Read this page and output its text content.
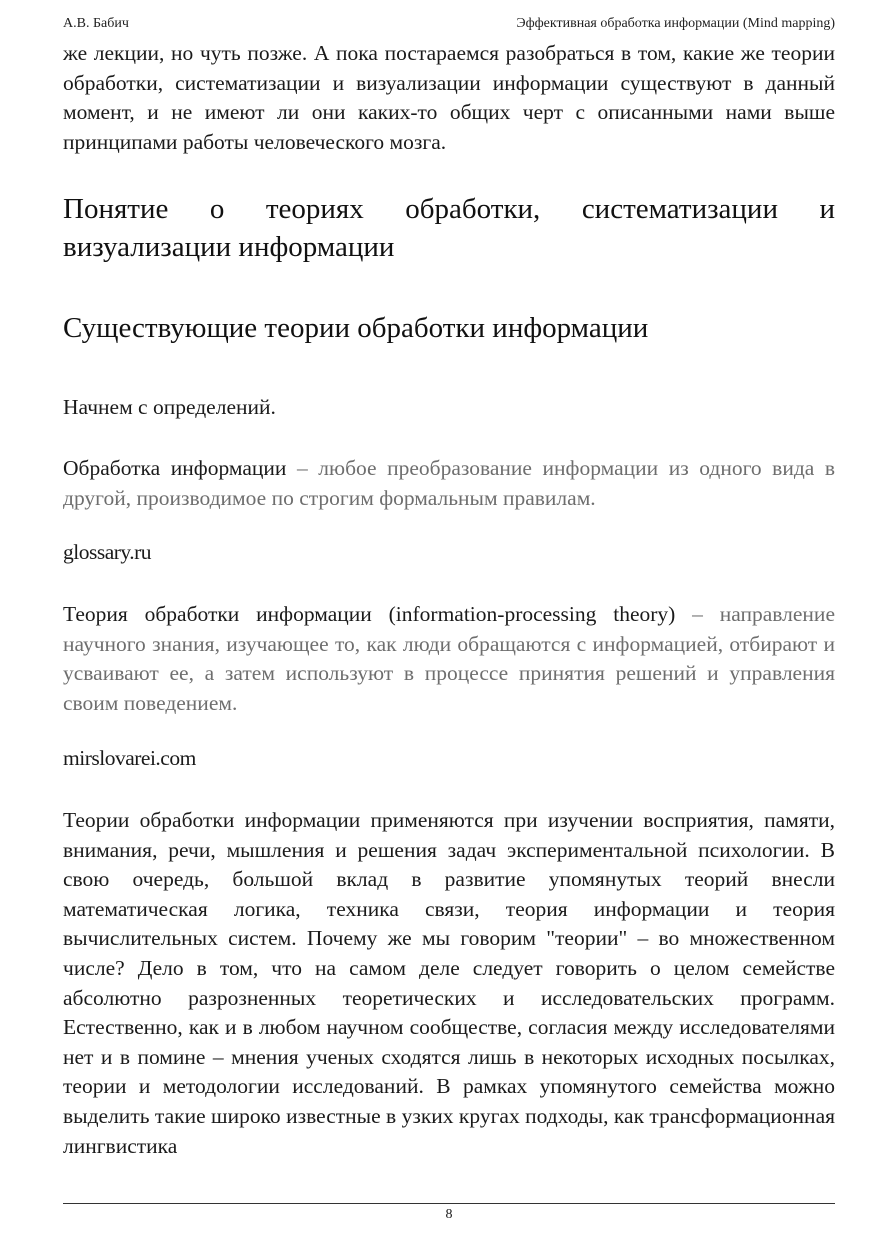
А.В. Бабич	Эффективная обработка информации (Mind mapping)

же лекции, но чуть позже. А пока постараемся разобраться в том, какие же теории обработки, систематизации и визуализации информации существуют в данный момент, и не имеют ли они каких-то общих черт с описанными нами выше принципами работы человеческого мозга.

Понятие о теориях обработки, систематизации и визуализации информации

Существующие теории обработки информации

Начнем с определений.

Обработка информации – любое преобразование информации из одного вида в другой, производимое по строгим формальным правилам.

glossary.ru

Теория обработки информации (information-processing theory) – направление научного знания, изучающее то, как люди обращаются с информацией, отбирают и усваивают ее, а затем используют в процессе принятия решений и управления своим поведением.

mirslovarei.com

Теории обработки информации применяются при изучении восприятия, памяти, внимания, речи, мышления и решения задач экспериментальной психологии. В свою очередь, большой вклад в развитие упомянутых теорий внесли математическая логика, техника связи, теория информации и теория вычислительных систем. Почему же мы говорим "теории" – во множественном числе? Дело в том, что на самом деле следует говорить о целом семействе абсолютно разрозненных теоретических и исследовательских программ. Естественно, как и в любом научном сообществе, согласия между исследователями нет и в помине – мнения ученых сходятся лишь в некоторых исходных посылках, теории и методологии исследований. В рамках упомянутого семейства можно выделить такие широко известные в узких кругах подходы, как трансформационная лингвистика

8
